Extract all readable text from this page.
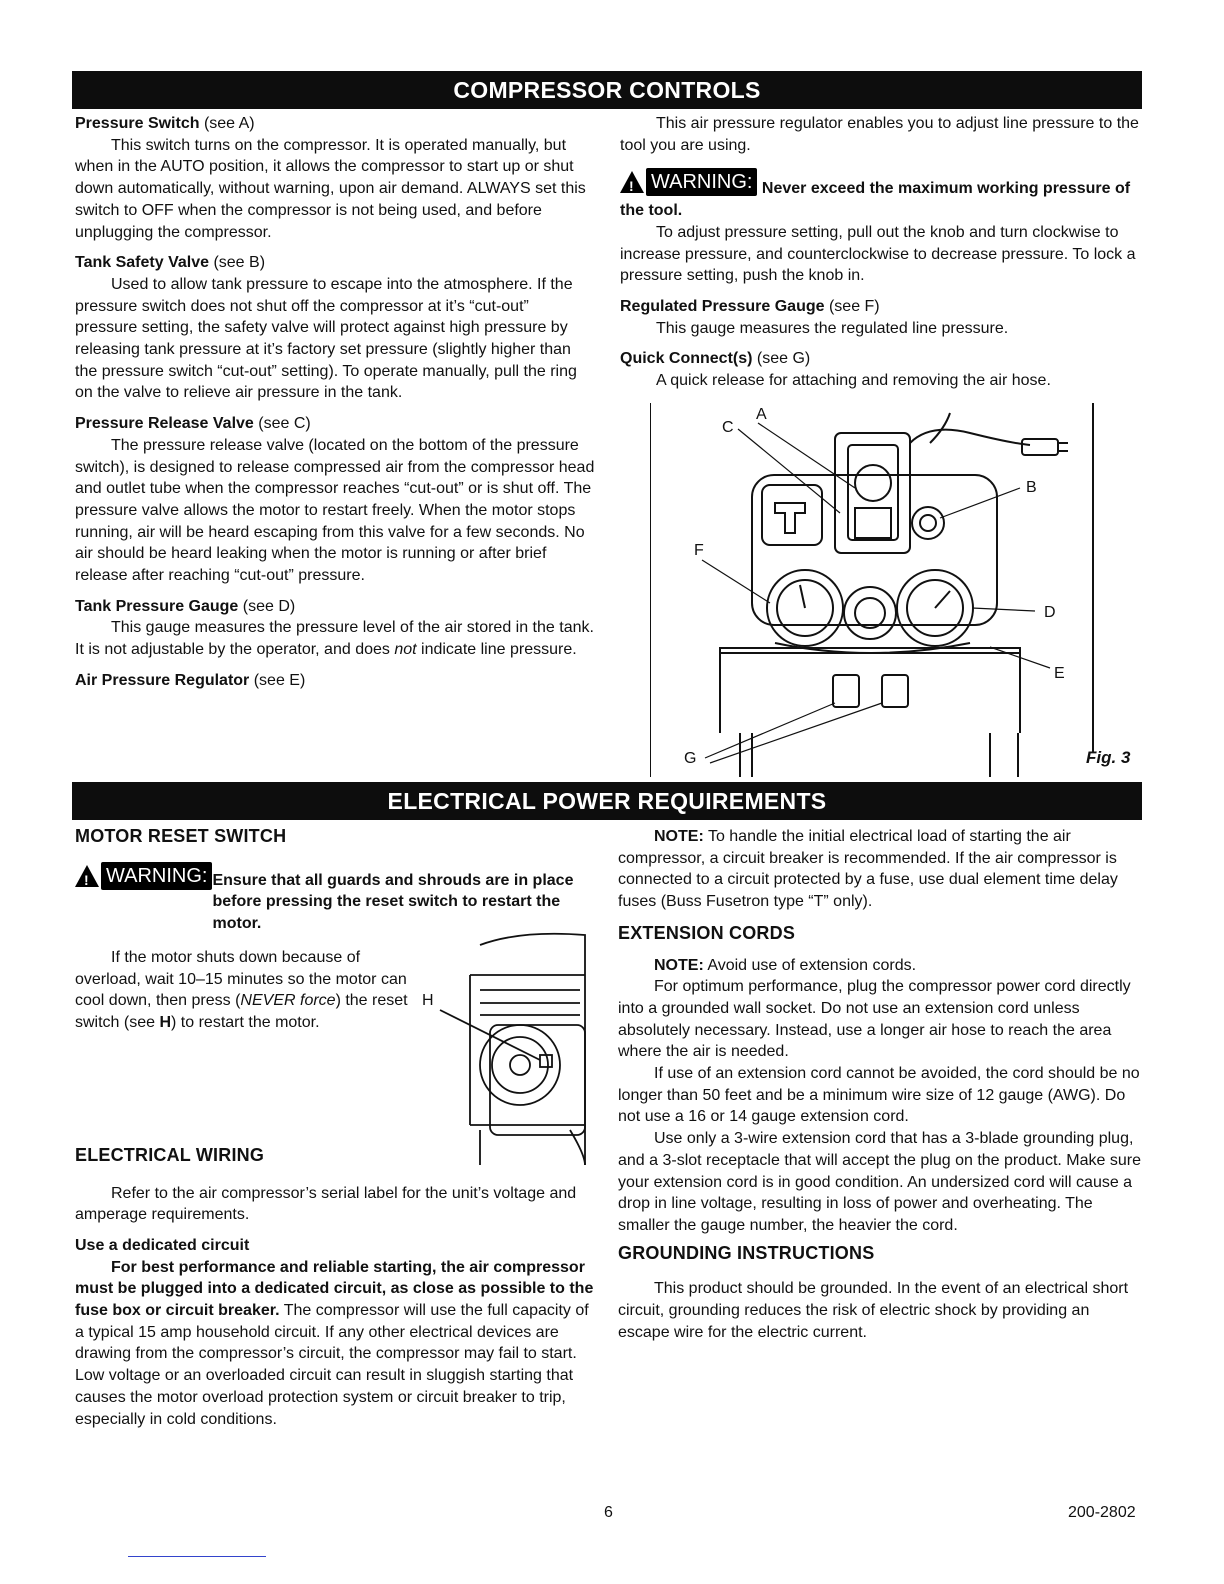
COMPRESSOR CONTROLS

Pressure Switch (see A)

This switch turns on the compressor. It is operated manually, but when in the AUTO position, it allows the compressor to start up or shut down automatically, without warning, upon air demand. ALWAYS set this switch to OFF when the compressor is not being used, and before unplugging the compressor.

Tank Safety Valve (see B)

Used to allow tank pressure to escape into the atmosphere. If the pressure switch does not shut off the compressor at it’s “cut-out” pressure setting, the safety valve will protect against high pressure by releasing tank pressure at it’s factory set pressure (slightly higher than the pressure switch “cut-out” setting). To operate manually, pull the ring on the valve to relieve air pressure in the tank.

Pressure Release Valve (see C)

The pressure release valve (located on the bottom of the pressure switch), is designed to release compressed air from the compressor head and outlet tube when the compressor reaches “cut-out” or is shut off. The pressure valve allows the motor to restart freely. When the motor stops running, air will be heard escaping from this valve for a few seconds. No air should be heard leaking when the motor is running or after brief release after reaching “cut-out” pressure.

Tank Pressure Gauge (see D)

This gauge measures the pressure level of the air stored in the tank. It is not adjustable by the operator, and does not indicate line pressure.

Air Pressure Regulator (see E)

This air pressure regulator enables you to adjust line pressure to the tool you are using.

! WARNING: Never exceed the maximum working pressure of the tool.

To adjust pressure setting, pull out the knob and turn clockwise to increase pressure, and counterclockwise to decrease pressure. To lock a pressure setting, push the knob in.

Regulated Pressure Gauge (see F)

This gauge measures the regulated line pressure.

Quick Connect(s) (see G)

A quick release for attaching and removing the air hose.

A
B
C
D
E
F
G	Fig. 3
ELECTRICAL POWER REQUIREMENTS

MOTOR RESET SWITCH

! WARNING: Ensure that all guards and shrouds are in place before pressing the reset switch to restart the motor.

If the motor shuts down because of overload, wait 10–15 minutes so the motor can cool down, then press (NEVER force) the reset switch (see H) to restart the motor.

H

ELECTRICAL WIRING

Refer to the air compressor’s serial label for the unit’s voltage and amperage requirements.

Use a dedicated circuit

For best performance and reliable starting, the air compressor must be plugged into a dedicated circuit, as close as possible to the fuse box or circuit breaker. The compressor will use the full capacity of a typical 15 amp household circuit. If any other electrical devices are drawing from the compressor’s circuit, the compressor may fail to start. Low voltage or an overloaded circuit can result in sluggish starting that causes the motor overload protection system or circuit breaker to trip, especially in cold conditions.

NOTE: To handle the initial electrical load of starting the air compressor, a circuit breaker is recommended. If the air compressor is connected to a circuit protected by a fuse, use dual element time delay fuses (Buss Fusetron type “T” only).

EXTENSION CORDS

NOTE: Avoid use of extension cords.

For optimum performance, plug the compressor power cord directly into a grounded wall socket. Do not use an extension cord unless absolutely necessary. Instead, use a longer air hose to reach the area where the air is needed.

If use of an extension cord cannot be avoided, the cord should be no longer than 50 feet and be a minimum wire size of 12 gauge (AWG). Do not use a 16 or 14 gauge extension cord.

Use only a 3-wire extension cord that has a 3-blade grounding plug, and a 3-slot receptacle that will accept the plug on the product. Make sure your extension cord is in good condition. An undersized cord will cause a drop in line voltage, resulting in loss of power and overheating. The smaller the gauge number, the heavier the cord.

GROUNDING INSTRUCTIONS

This product should be grounded. In the event of an electrical short circuit, grounding reduces the risk of electric shock by providing an escape wire for the electric current.

6	200-2802
